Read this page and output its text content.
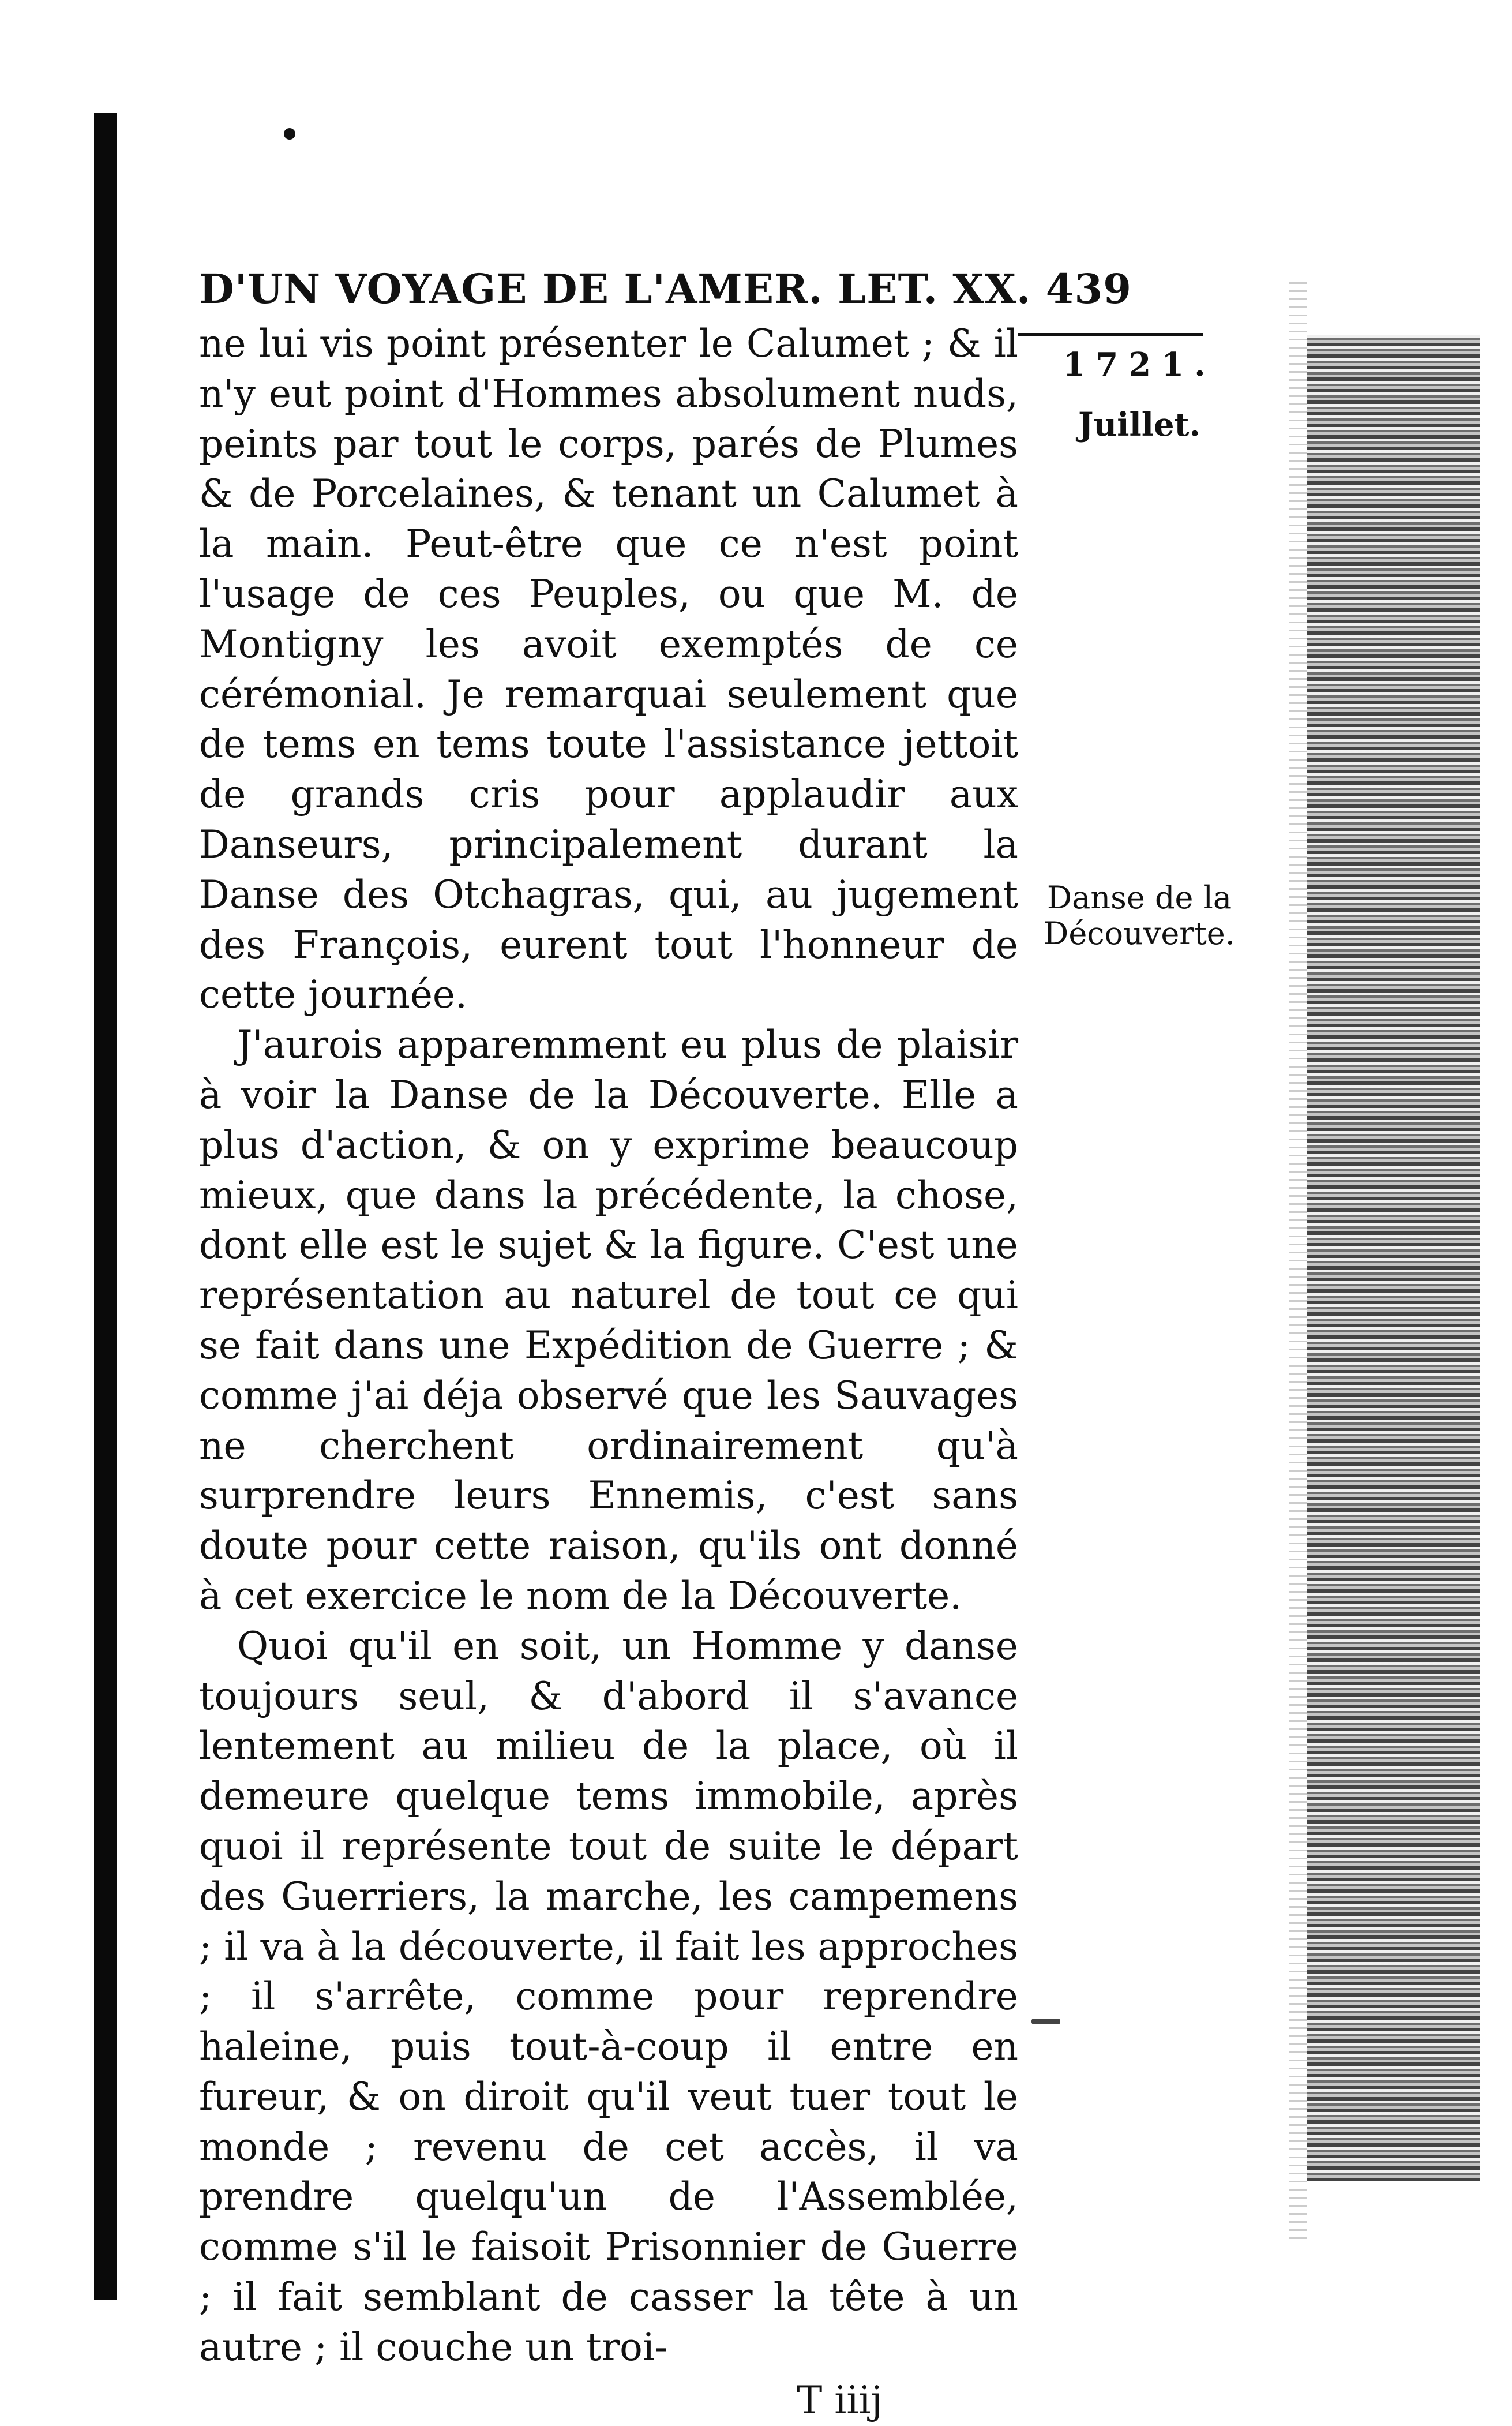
D'UN VOYAGE DE L'AMER. LET. XX. 439

ne lui vis point présenter le Calumet ; & il n'y eut point d'Hommes absolument nuds, peints par tout le corps, parés de Plumes & de Porcelaines, & tenant un Calumet à la main. Peut-être que ce n'est point l'usage de ces Peuples, ou que M. de Montigny les avoit exemptés de ce cérémonial. Je remarquai seulement que de tems en tems toute l'assistance jettoit de grands cris pour applaudir aux Danseurs, principalement durant la Danse des Otchagras, qui, au jugement des François, eurent tout l'honneur de cette journée.

J'aurois apparemment eu plus de plaisir à voir la Danse de la Découverte. Elle a plus d'action, & on y exprime beaucoup mieux, que dans la précédente, la chose, dont elle est le sujet & la figure. C'est une représentation au naturel de tout ce qui se fait dans une Expédition de Guerre ; & comme j'ai déja observé que les Sauvages ne cherchent ordinairement qu'à surprendre leurs Ennemis, c'est sans doute pour cette raison, qu'ils ont donné à cet exercice le nom de la Découverte.

Quoi qu'il en soit, un Homme y danse toujours seul, & d'abord il s'avance lentement au milieu de la place, où il demeure quelque tems immobile, après quoi il représente tout de suite le départ des Guerriers, la marche, les campemens ; il va à la découverte, il fait les approches ; il s'arrête, comme pour reprendre haleine, puis tout-à-coup il entre en fureur, & on diroit qu'il veut tuer tout le monde ; revenu de cet accès, il va prendre quelqu'un de l'Assemblée, comme s'il le faisoit Prisonnier de Guerre ; il fait semblant de casser la tête à un autre ; il couche un troi-

T iiij
1721.
Juillet.
Danse de la
Découverte.
